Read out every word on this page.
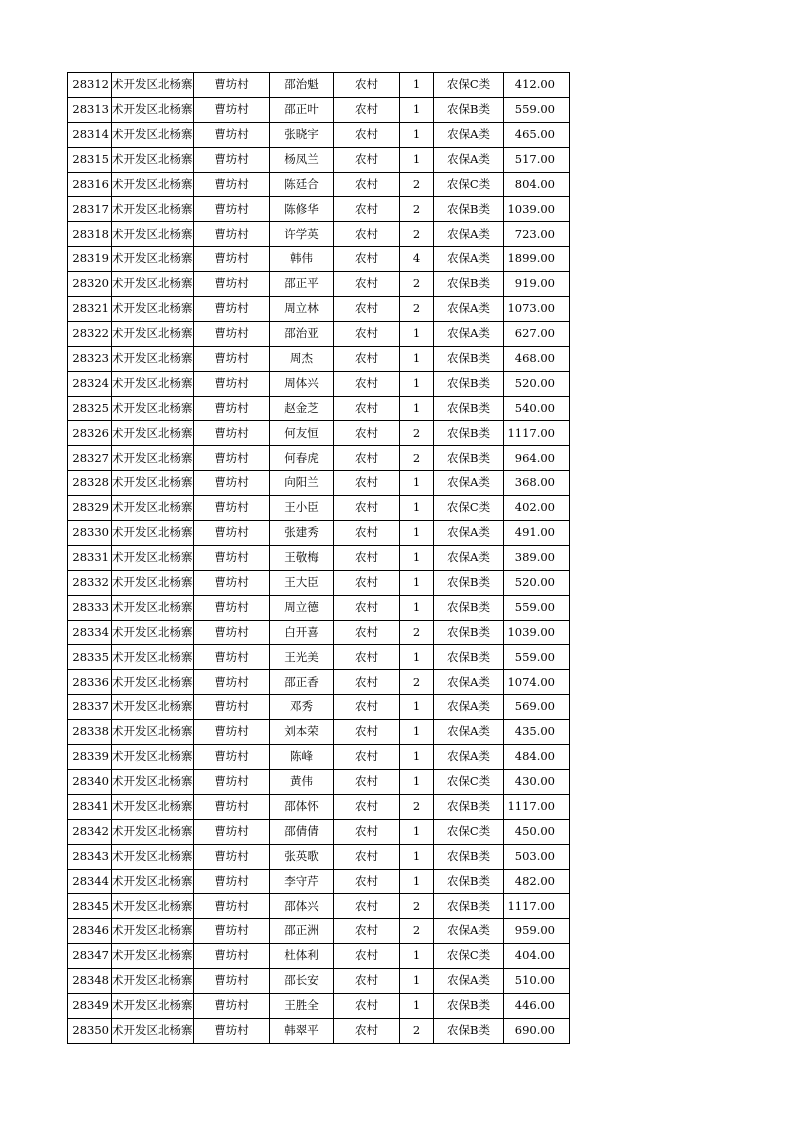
28312	术开发区北杨寨	曹坊村	邵治魁	农村	1	农保C类	412.00
28313	术开发区北杨寨	曹坊村	邵正叶	农村	1	农保B类	559.00
28314	术开发区北杨寨	曹坊村	张晓宇	农村	1	农保A类	465.00
28315	术开发区北杨寨	曹坊村	杨凤兰	农村	1	农保A类	517.00
28316	术开发区北杨寨	曹坊村	陈廷合	农村	2	农保C类	804.00
28317	术开发区北杨寨	曹坊村	陈修华	农村	2	农保B类	1039.00
28318	术开发区北杨寨	曹坊村	许学英	农村	2	农保A类	723.00
28319	术开发区北杨寨	曹坊村	韩伟	农村	4	农保A类	1899.00
28320	术开发区北杨寨	曹坊村	邵正平	农村	2	农保B类	919.00
28321	术开发区北杨寨	曹坊村	周立林	农村	2	农保A类	1073.00
28322	术开发区北杨寨	曹坊村	邵治亚	农村	1	农保A类	627.00
28323	术开发区北杨寨	曹坊村	周杰	农村	1	农保B类	468.00
28324	术开发区北杨寨	曹坊村	周体兴	农村	1	农保B类	520.00
28325	术开发区北杨寨	曹坊村	赵金芝	农村	1	农保B类	540.00
28326	术开发区北杨寨	曹坊村	何友恒	农村	2	农保B类	1117.00
28327	术开发区北杨寨	曹坊村	何春虎	农村	2	农保B类	964.00
28328	术开发区北杨寨	曹坊村	向阳兰	农村	1	农保A类	368.00
28329	术开发区北杨寨	曹坊村	王小臣	农村	1	农保C类	402.00
28330	术开发区北杨寨	曹坊村	张建秀	农村	1	农保A类	491.00
28331	术开发区北杨寨	曹坊村	王敬梅	农村	1	农保A类	389.00
28332	术开发区北杨寨	曹坊村	王大臣	农村	1	农保B类	520.00
28333	术开发区北杨寨	曹坊村	周立德	农村	1	农保B类	559.00
28334	术开发区北杨寨	曹坊村	白开喜	农村	2	农保B类	1039.00
28335	术开发区北杨寨	曹坊村	王光美	农村	1	农保B类	559.00
28336	术开发区北杨寨	曹坊村	邵正香	农村	2	农保A类	1074.00
28337	术开发区北杨寨	曹坊村	邓秀	农村	1	农保A类	569.00
28338	术开发区北杨寨	曹坊村	刘本荣	农村	1	农保A类	435.00
28339	术开发区北杨寨	曹坊村	陈峰	农村	1	农保A类	484.00
28340	术开发区北杨寨	曹坊村	黄伟	农村	1	农保C类	430.00
28341	术开发区北杨寨	曹坊村	邵体怀	农村	2	农保B类	1117.00
28342	术开发区北杨寨	曹坊村	邵倩倩	农村	1	农保C类	450.00
28343	术开发区北杨寨	曹坊村	张英歌	农村	1	农保B类	503.00
28344	术开发区北杨寨	曹坊村	李守芹	农村	1	农保B类	482.00
28345	术开发区北杨寨	曹坊村	邵体兴	农村	2	农保B类	1117.00
28346	术开发区北杨寨	曹坊村	邵正洲	农村	2	农保A类	959.00
28347	术开发区北杨寨	曹坊村	杜体利	农村	1	农保C类	404.00
28348	术开发区北杨寨	曹坊村	邵长安	农村	1	农保A类	510.00
28349	术开发区北杨寨	曹坊村	王胜全	农村	1	农保B类	446.00
28350	术开发区北杨寨	曹坊村	韩翠平	农村	2	农保B类	690.00
